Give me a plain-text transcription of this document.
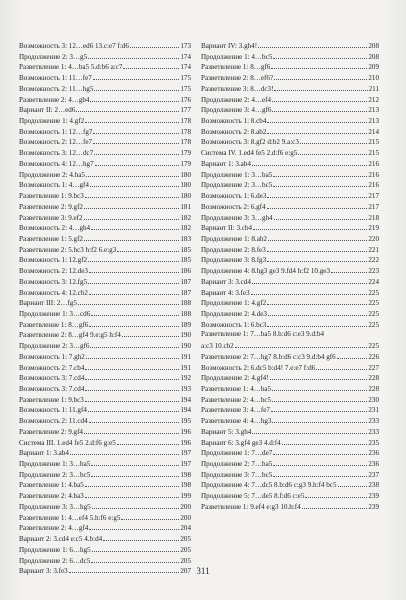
Возможность 3: 12…ed6 13.c:e7 f:d6	173
Продолжение 2: 3…g5	174
Разветвление 1: 4…ba5 5.d:b6 a:c7	174
Возможность 1: 11…fe7	175
Возможность 2: 11…hg5	175
Разветвление 2: 4…gb4	176
Вариант II: 2…ed6	177
Продолжение 1: 4.gf2	178
Возможность 1: 12…fg7	178
Возможность 2: 12…fe7	178
Возможность 3: 12…dc7	179
Возможность 4: 12…hg7	179
Продолжение 2: 4.ba5	180
Возможность 1: 4…gf4	180
Разветвление 1: 9.bc3	180
Разветвление 2: 9.gf2	181
Разветвление 3: 9.ef2	182
Возможность 2: 4…gh4	182
Разветвление 1: 5.gf2	183
Разветвление 2: 5.hc3 h:f2 6.e:g3	185
Возможность 1: 12.gf2	185
Возможность 2: 12.de3	186
Возможность 3: 12.fg5	187
Возможность 4: 12.cb2	187
Вариант III: 2…fg5	188
Продолжение 1: 3…cd6	188
Разветвление 1: 8…gf6	189
Разветвление 2: 8…gf4 9.e:g5 h:f4	190
Продолжение 2: 3…gf6	190
Возможность 1: 7.gh2	191
Возможность 2: 7.cb4	191
Возможность 3: 7.cd4	192
Возможность 3: 7.cd4	193
Разветвление 1: 9.bc3	194
Возможность 1: 11.gf4	194
Возможность 2: 11.cd4	195
Разветвление 2: 9.gf4	196
Система III. 1.ed4 fe5 2.d:f6 g:e5	196
Вариант 1: 3.ab4	197
Продолжение 1: 3…ba5	197
Продолжение 2: 3…bc5	198
Разветвление 1: 4.ba5	198
Разветвление 2: 4.ba3	199
Продолжение 3: 3…hg5	200
Разветвление 1: 4…ef4 5.h:f6 e:g5	200
Разветвление 2: 4…gf4	204
Вариант 2: 3.cd4 e:c5 4.b:d4	205
Продолжение 1: 6…hg5	205
Продолжение 2: 6…dc5	205
Вариант 3: 3.fe3	207
Вариант IV: 3.gh4!	208
Продолжение 1: 4…bc5	208
Разветвление 1: 8…gf6	209
Разветвление 2: 8…ef6?	210
Разветвление 3: 8…dc3!	211
Продолжение 2: 4…ef4	212
Продолжение 3: 4…gf6	213
Возможность 1: 8.cb4	213
Возможность 2: 8.ab2	214
Возможность 3: 8.gf2 d:b2 9.a:c3	215
Система IV. 1.ed4 fe5 2.d:f6 e:g5	215
Вариант 1: 3.ab4	216
Продолжение 1: 3…ba5	216
Продолжение 2: 3…bc5	216
Возможность 1: 6.de3	217
Возможность 2: 6.gf4	217
Продолжение 3: 3…gh4	218
Вариант II: 3.cb4	219
Продолжение 1: 8.ab2	220
Продолжение 2: 8.fe3	221
Продолжение 3: 8.fg3	222
Продолжение 4: 8.hg3 ge3 9.fd4 h:f2 10.ge3	223
Вариант 3: 3.cd4	224
Вариант 4: 3.fe3	225
Продолжение 1: 4.gf2	225
Продолжение 2: 4.de3	225
Возможность 1: 6.bc3	225
Разветвление 1: 7…ba5 8.b:d6 c:e3 9.d:b4
a:c3 10.cb2	225
Разветвление 2: 7…hg7 8.b:d6 c:c3 9.d:b4 gf6	226
Возможность 2: 6.dc5 b:d4! 7.e:e7 f:d6	227
Продолжение 2: 4.gf4!	228
Разветвление 1: 4…ba5	228
Разветвление 2: 4…bc5	230
Разветвление 3: 4…fe7	231
Разветвление 4: 4…hg3	233
Вариант 5: 3.gh4	233
Вариант 6: 3.gf4 ge3 4.d:f4	235
Продолжение 1: 7…de7	236
Продолжение 2: 7…ba5	236
Продолжение 3: 7…bc5	237
Продолжение 4: 7…dc5 8.b:d6 c:g3 9.h:f4 bc5	238
Продолжение 5: 7…de5 8.f:d6 c:e5	239
Разветвление 1: 9.ef4 e:g3 10.h:f4	239
311
